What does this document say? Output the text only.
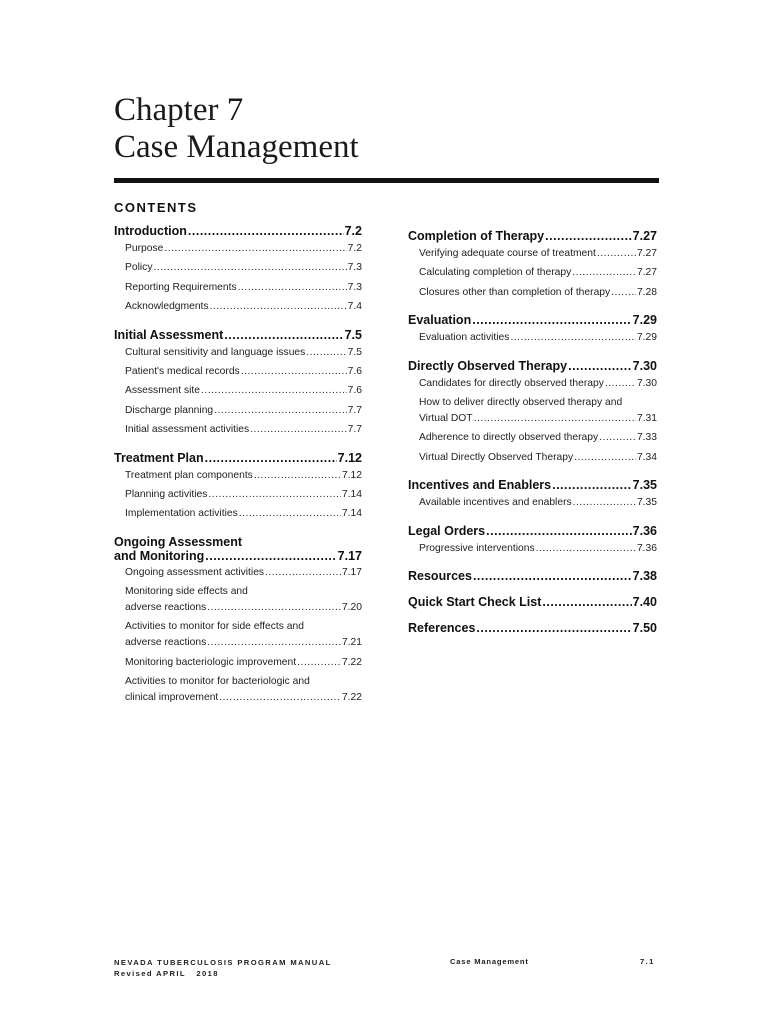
Chapter 7
Case Management
CONTENTS
Introduction .....	7.2
Purpose .....	7.2
Policy .....	7.3
Reporting Requirements .....	7.3
Acknowledgments .....	7.4
Initial Assessment .....	7.5
Cultural sensitivity and language issues .....	7.5
Patient's medical records .....	7.6
Assessment site .....	7.6
Discharge planning .....	7.7
Initial assessment activities .....	7.7
Treatment Plan .....	7.12
Treatment plan components .....	7.12
Planning activities .....	7.14
Implementation activities .....	7.14
Ongoing Assessment
and Monitoring .....	7.17
Ongoing assessment activities .....	7.17
Monitoring side effects and
adverse reactions .....	7.20
Activities to monitor for side effects and
adverse reactions .....	7.21
Monitoring bacteriologic improvement .....	7.22
Activities to monitor for bacteriologic and
clinical improvement .....	7.22
Completion of Therapy .....	7.27
Verifying adequate course of treatment .....	7.27
Calculating completion of therapy .....	7.27
Closures other than completion of therapy .....	7.28
Evaluation .....	7.29
Evaluation activities .....	7.29
Directly Observed Therapy .....	7.30
Candidates for directly observed therapy .....	7.30
How to deliver directly observed therapy and
Virtual DOT .....	7.31
Adherence to directly observed therapy .....	7.33
Virtual Directly Observed Therapy .....	7.34
Incentives and Enablers .....	7.35
Available incentives and enablers .....	7.35
Legal Orders .....	7.36
Progressive interventions .....	7.36
Resources .....	7.38
Quick Start Check List .....	7.40
References .....	7.50
NEVADA TUBERCULOSIS PROGRAM MANUAL
Revised APRIL   2018
Case Management	7.1
